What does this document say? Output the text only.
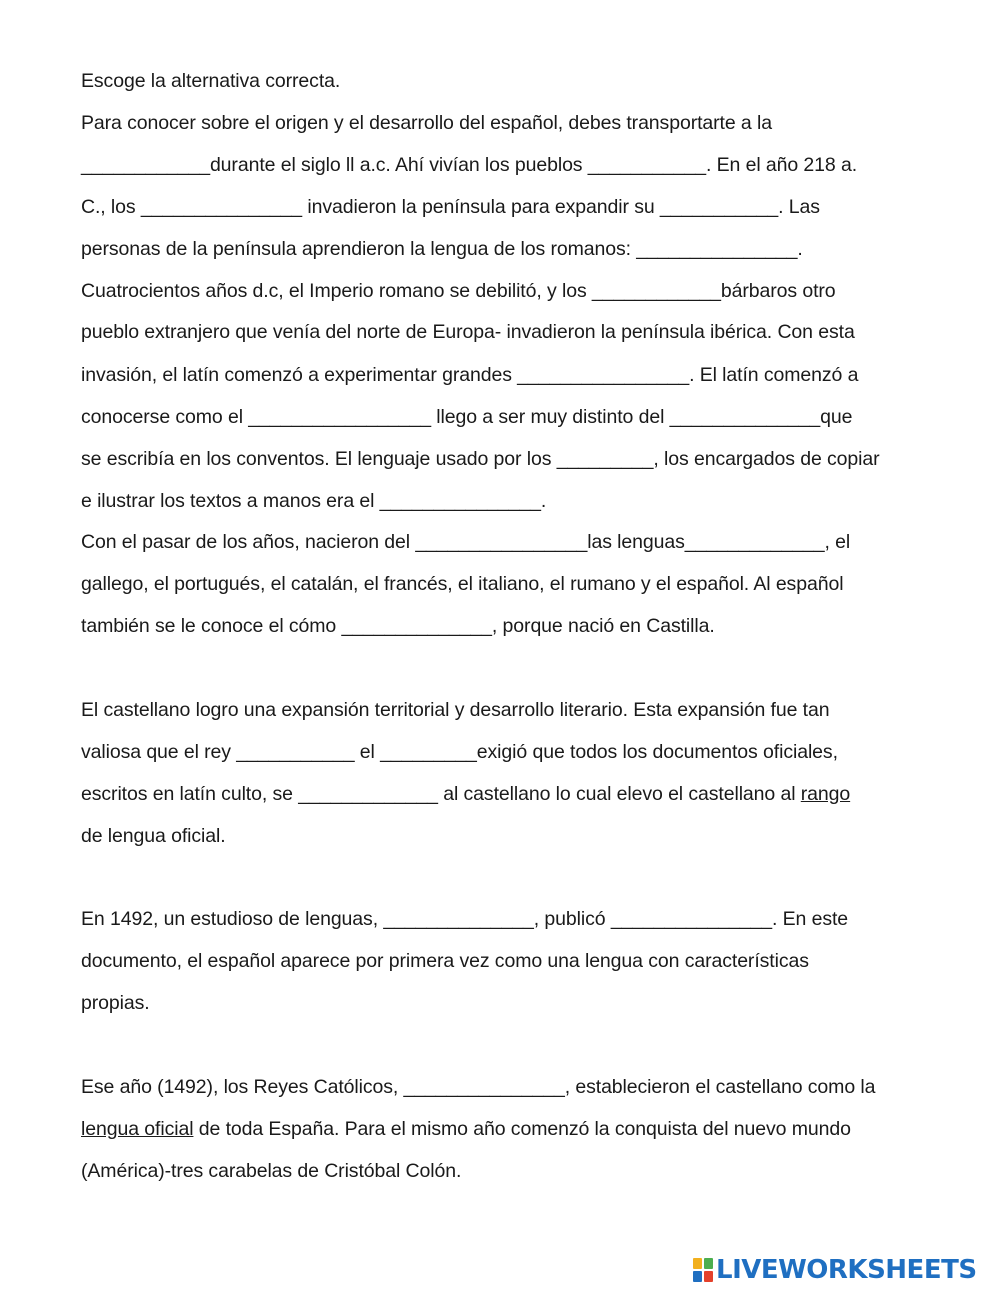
Escoge la alternativa correcta.
Para conocer sobre el origen y el desarrollo del español, debes transportarte a la
____________durante el siglo ll a.c. Ahí vivían los pueblos ___________. En el año 218 a.
C., los _______________ invadieron la península para expandir su ___________. Las
personas de la península aprendieron la lengua de los romanos: _______________.
Cuatrocientos años d.c, el Imperio romano se debilitó, y los ____________bárbaros otro
pueblo extranjero que venía del norte de Europa- invadieron la península ibérica. Con esta
invasión, el latín comenzó a experimentar grandes ________________. El latín comenzó a
conocerse como el _________________ llego a ser muy distinto del ______________que
se escribía en los conventos. El lenguaje usado por los _________, los encargados de copiar
e ilustrar los textos a manos era el _______________.
Con el pasar de los años, nacieron del ________________las lenguas_____________, el
gallego, el portugués, el catalán, el francés, el italiano, el rumano y el español. Al español
también se le conoce el cómo ______________, porque nació en Castilla.
El castellano logro una expansión territorial y desarrollo literario. Esta expansión fue tan
valiosa que el rey ___________ el _________exigió que todos los documentos oficiales,
escritos en latín culto, se _____________ al castellano lo cual elevo el castellano al rango
de lengua oficial.
En 1492, un estudioso de lenguas, ______________, publicó _______________. En este
documento, el español aparece por primera vez como una lengua con características
propias.
Ese año (1492), los Reyes Católicos, _______________, establecieron el castellano como la
lengua oficial de toda España. Para el mismo año comenzó la conquista del nuevo mundo
(América)-tres carabelas de Cristóbal Colón.
LIVEWORKSHEETS
